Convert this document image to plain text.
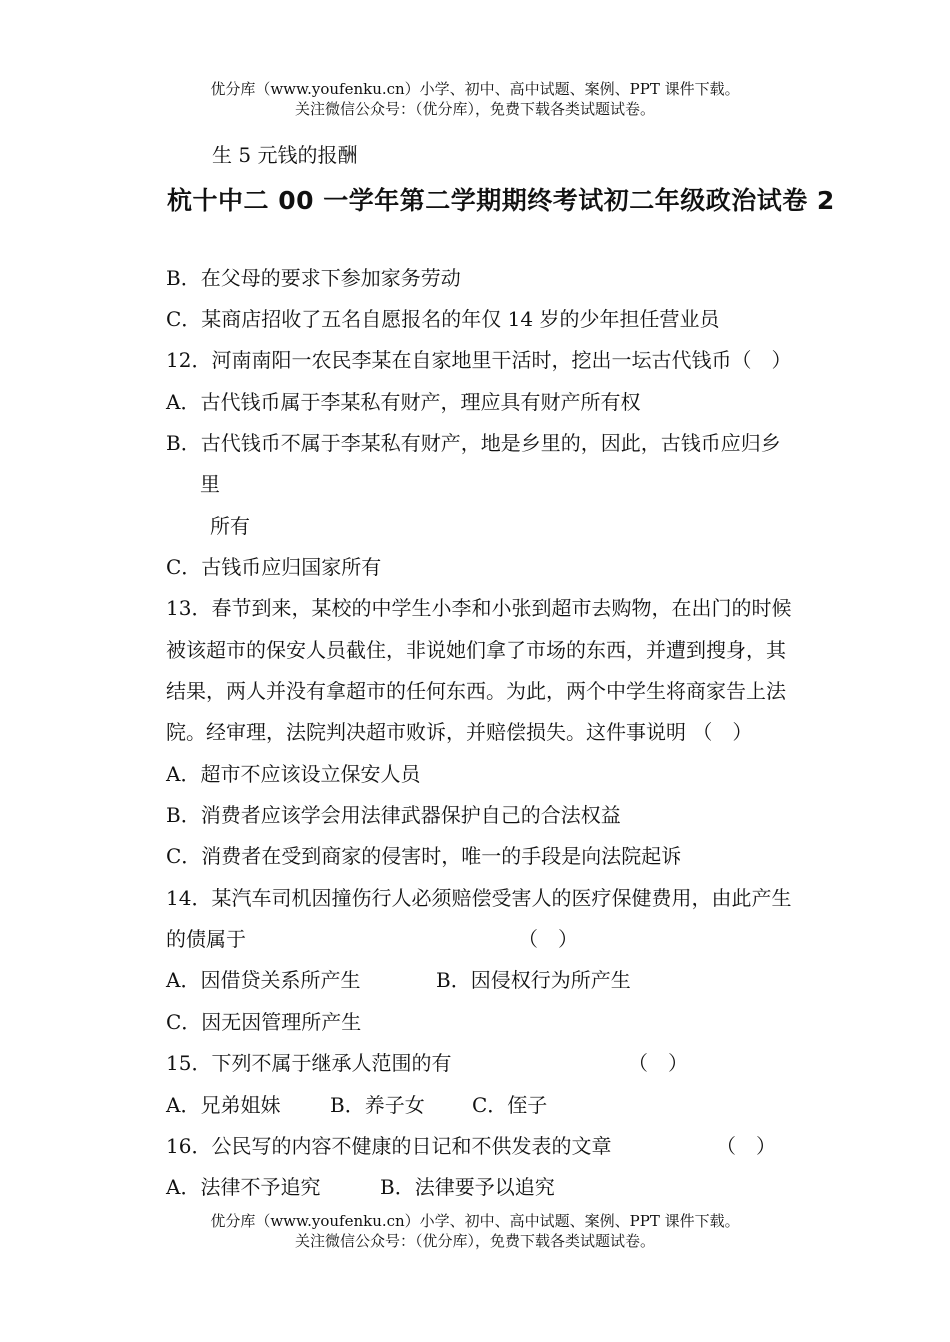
优分库（www.youfenku.cn）小学、初中、高中试题、案例、PPT 课件下载。
关注微信公众号：（优分库），免费下载各类试题试卷。
生 5 元钱的报酬
杭十中二 00 一学年第二学期期终考试初二年级政治试卷 2
B．在父母的要求下参加家务劳动
C．某商店招收了五名自愿报名的年仅 14 岁的少年担任营业员
12．河南南阳一农民李某在自家地里干活时，挖出一坛古代钱币（　）
A．古代钱币属于李某私有财产，理应具有财产所有权
B．古代钱币不属于李某私有财产，地是乡里的，因此，古钱币应归乡
里
所有
C．古钱币应归国家所有
13．春节到来，某校的中学生小李和小张到超市去购物，在出门的时候
被该超市的保安人员截住，非说她们拿了市场的东西，并遭到搜身，其
结果，两人并没有拿超市的任何东西。为此，两个中学生将商家告上法
院。经审理，法院判决超市败诉，并赔偿损失。这件事说明 （　）
A．超市不应该设立保安人员
B．消费者应该学会用法律武器保护自己的合法权益
C．消费者在受到商家的侵害时，唯一的手段是向法院起诉
14．某汽车司机因撞伤行人必须赔偿受害人的医疗保健费用，由此产生
的债属于	（　）
A．因借贷关系所产生	B．因侵权行为所产生
C．因无因管理所产生
15．下列不属于继承人范围的有	（　）
A．兄弟姐妹 B．养子女 C．侄子
16．公民写的内容不健康的日记和不供发表的文章	（　）
A．法律不予追究	B．法律要予以追究
优分库（www.youfenku.cn）小学、初中、高中试题、案例、PPT 课件下载。
关注微信公众号：（优分库），免费下载各类试题试卷。
